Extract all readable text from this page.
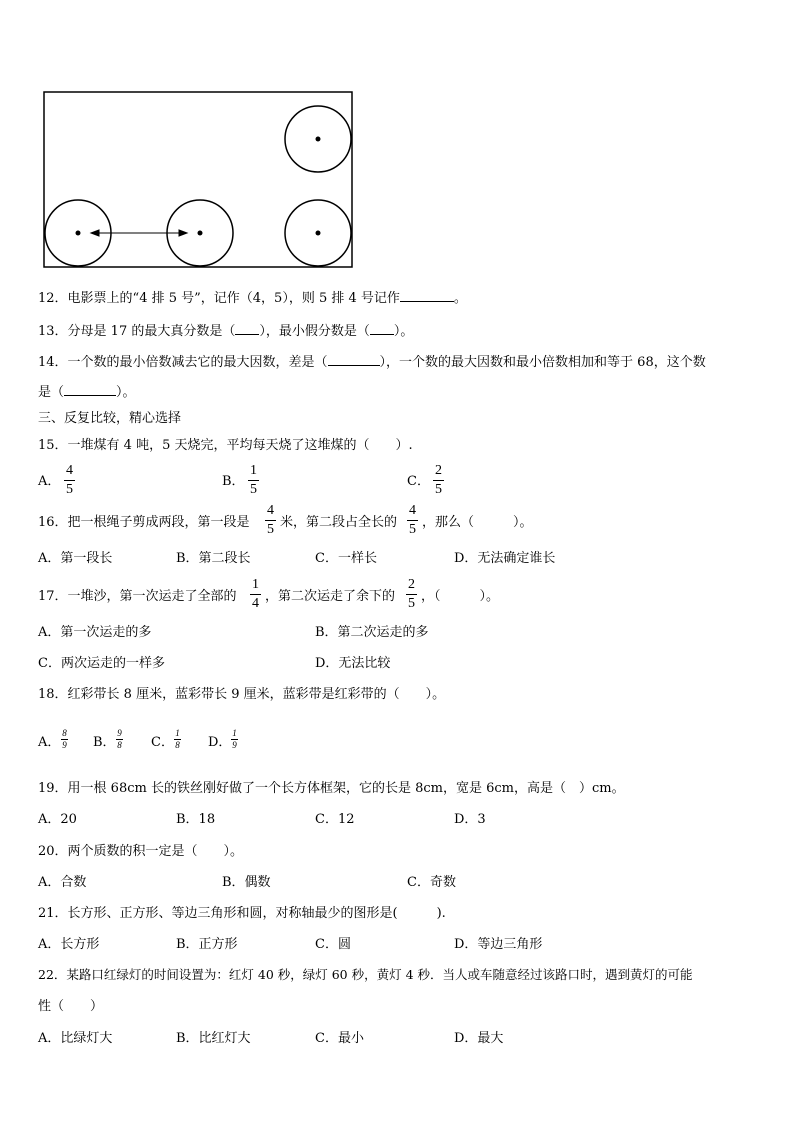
12．电影票上的“4 排 5 号”，记作（4，5），则 5 排 4 号记作	。
13．分母是 17 的最大真分数是（ ），最小假分数是（ ）。
14．一个数的最小倍数减去它的最大因数，差是（	），一个数的最大因数和最小倍数相加和等于 68，这个数
是（	）。
三、反复比较，精心选择
15．一堆煤有 4 吨，5 天烧完，平均每天烧了这堆煤的（　　）.
A．
4
5
B．
1
5
C．
2
5
16．把一根绳子剪成两段，第一段是
4
5 米，第二段占全长的
4
5 ，那么（　　　）。
A．第一段长	B．第二段长	C．一样长	D．无法确定谁长
17．一堆沙，第一次运走了全部的
1
4 ，第二次运走了余下的
2
5 ，（　　　）。
A．第一次运走的多	B．第二次运走的多
C．两次运走的一样多	D．无法比较
18．红彩带长 8 厘米，蓝彩带长 9 厘米，蓝彩带是红彩带的（　　）。
A．
8
9 B．
9
8 C．
1
8 D．
1
9
19．用一根 68cm 长的铁丝刚好做了一个长方体框架，它的长是 8cm，宽是 6cm，高是（　）cm。
A．20	B．18	C．12	D．3
20．两个质数的积一定是（　　）。
A．合数	B．偶数	C．奇数
21．长方形、正方形、等边三角形和圆，对称轴最少的图形是(　　　).
A．长方形	B．正方形	C．圆	D．等边三角形
22．某路口红绿灯的时间设置为：红灯 40 秒，绿灯 60 秒，黄灯 4 秒．当人或车随意经过该路口时，遇到黄灯的可能
性（　　）
A．比绿灯大	B．比红灯大	C．最小	D．最大
